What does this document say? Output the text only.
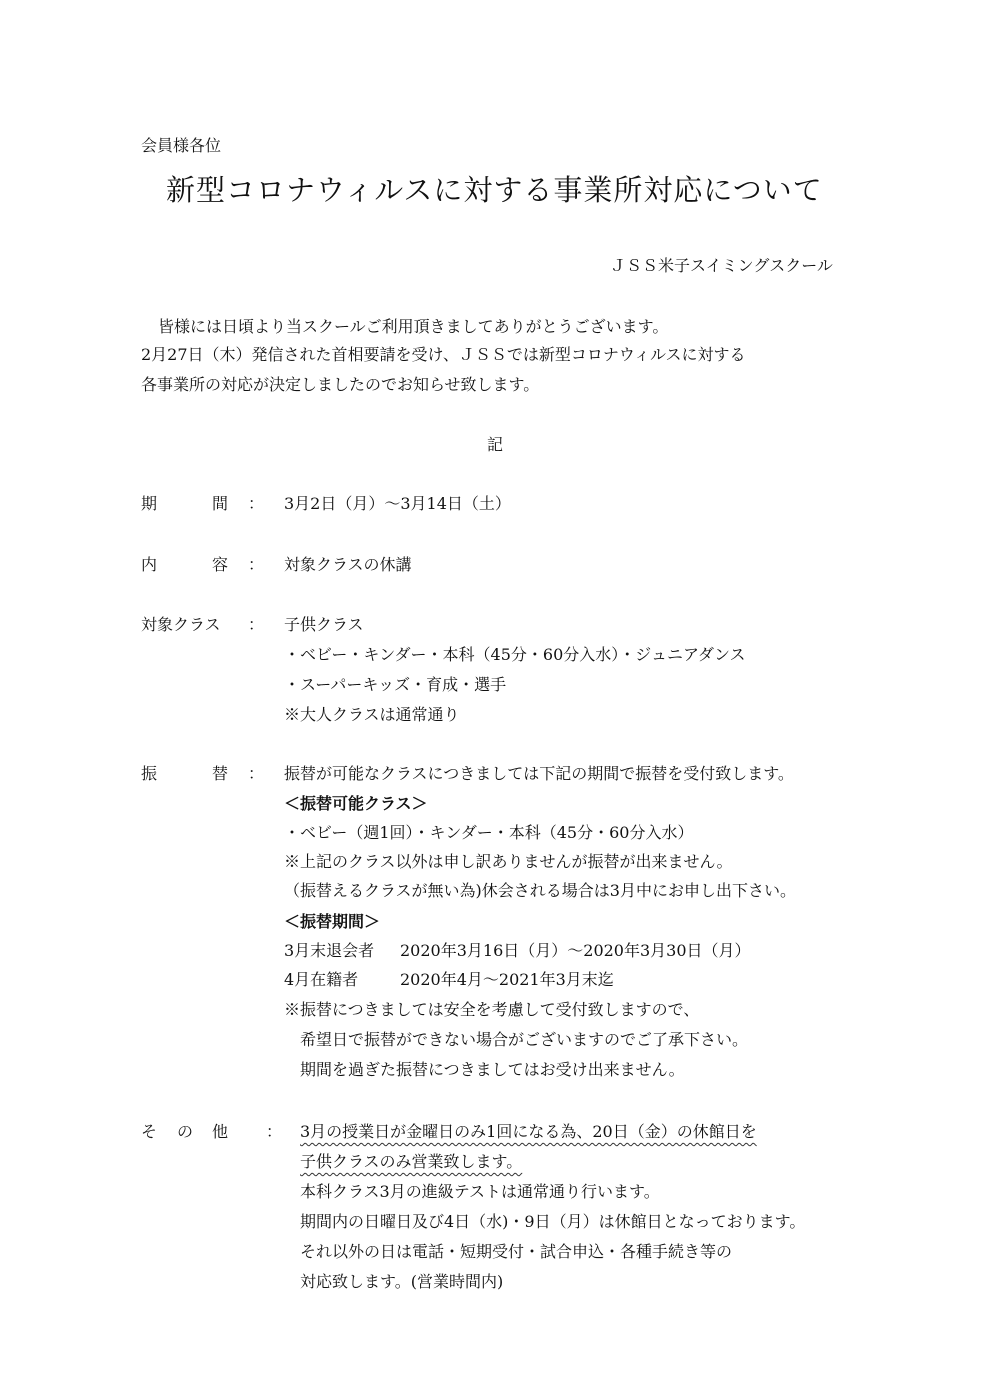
会員様各位
新型コロナウィルスに対する事業所対応について
ＪＳＳ米子スイミングスクール
皆様には日頃より当スクールご利用頂きましてありがとうございます。
2月27日（木）発信された首相要請を受け、ＪＳＳでは新型コロナウィルスに対する
各事業所の対応が決定しましたのでお知らせ致します。
記
期	間 ： 3月2日（月）～3月14日（土）
内	容 ： 対象クラスの休講
対象クラス ： 子供クラス
・ベビー・キンダー・本科（45分・60分入水）・ジュニアダンス
・スーパーキッズ・育成・選手
※大人クラスは通常通り
振	替 ： 振替が可能なクラスにつきましては下記の期間で振替を受付致します。
＜振替可能クラス＞
・ベビー（週1回）・キンダー・本科（45分・60分入水）
※上記のクラス以外は申し訳ありませんが振替が出来ません。
（振替えるクラスが無い為)休会される場合は3月中にお申し出下さい。
＜振替期間＞
3月末退会者 2020年3月16日（月）～2020年3月30日（月）
4月在籍者	2020年4月～2021年3月末迄
※振替につきましては安全を考慮して受付致しますので、
希望日で振替ができない場合がございますのでご了承下さい。
期間を過ぎた振替につきましてはお受け出来ません。
そ の 他 ： 3月の授業日が金曜日のみ1回になる為、20日（金）の休館日を
子供クラスのみ営業致します。
本科クラス3月の進級テストは通常通り行います。
期間内の日曜日及び4日（水)・9日（月）は休館日となっております。
それ以外の日は電話・短期受付・試合申込・各種手続き等の
対応致します。(営業時間内)
